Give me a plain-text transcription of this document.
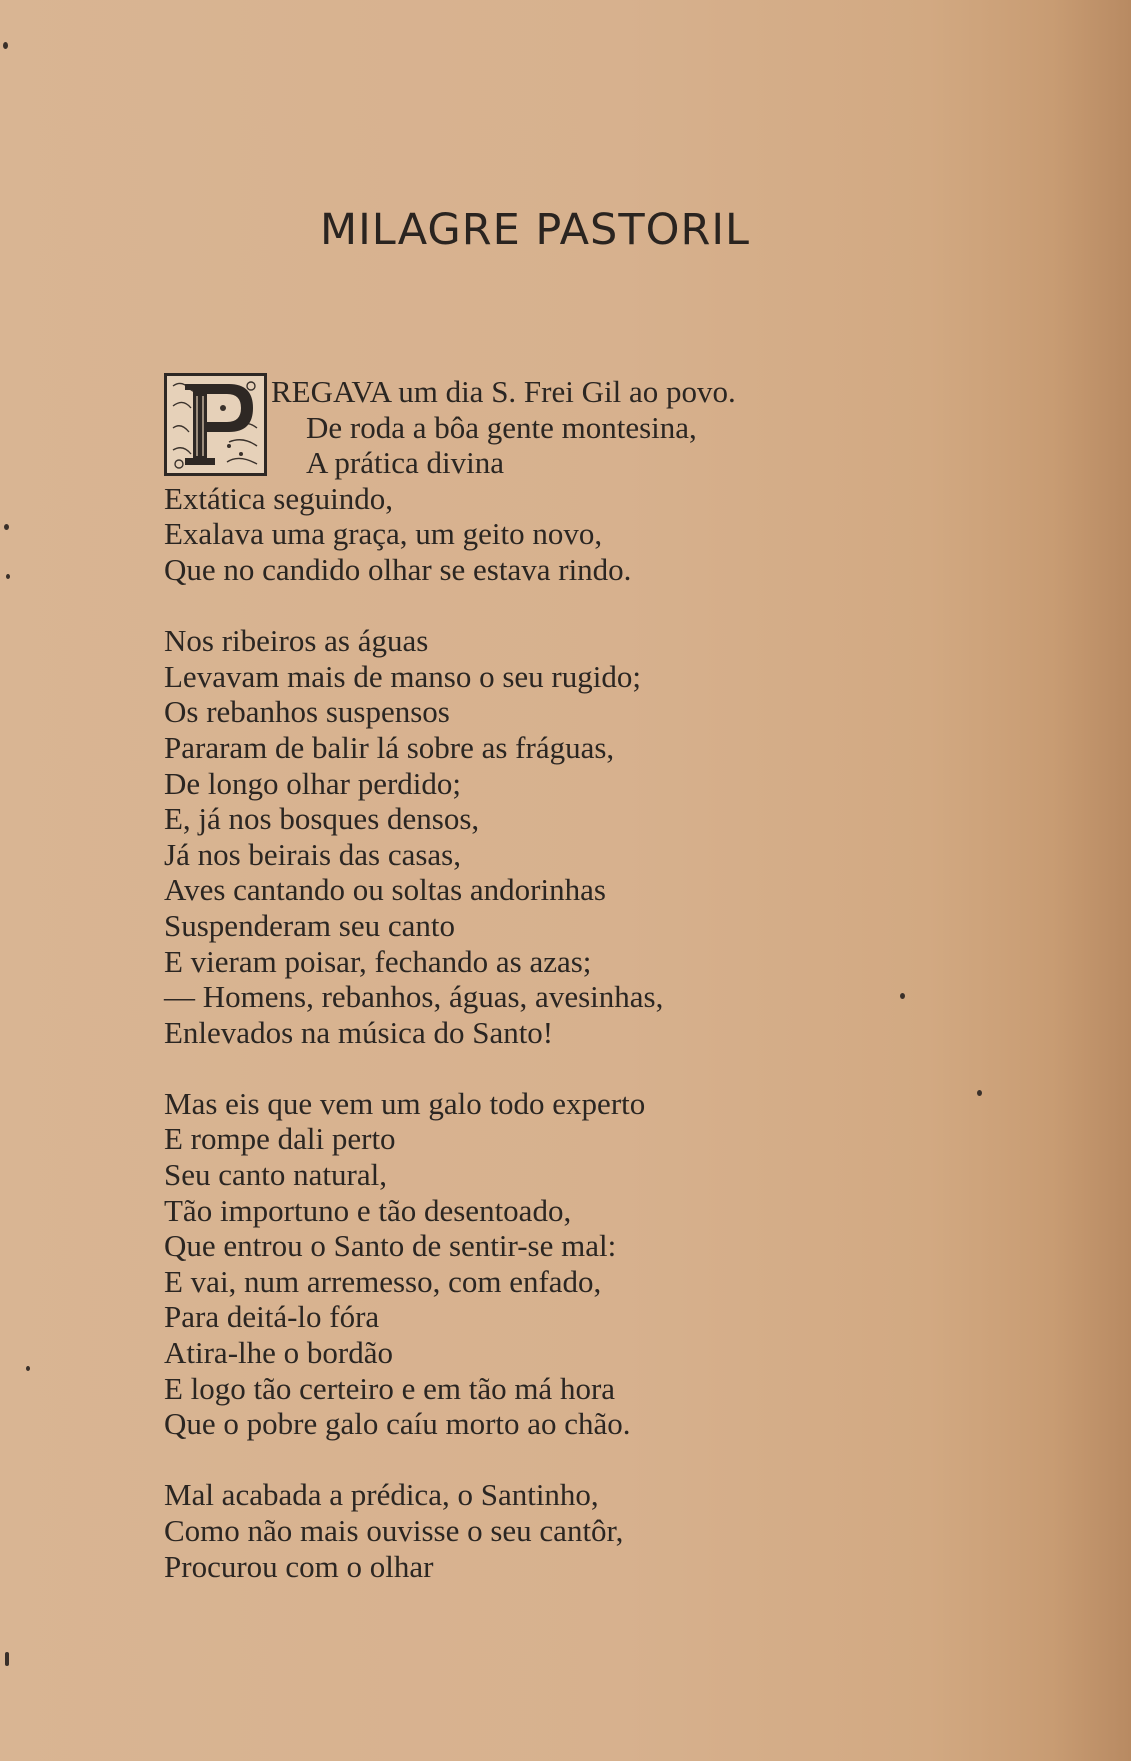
MILAGRE PASTORIL
REGAVA um dia S. Frei Gil ao povo.
De roda a bôa gente montesina,
A prática divina
Extática seguindo,
Exalava uma graça, um geito novo,
Que no candido olhar se estava rindo.
Nos ribeiros as águas
Levavam mais de manso o seu rugido;
Os rebanhos suspensos
Pararam de balir lá sobre as fráguas,
De longo olhar perdido;
E, já nos bosques densos,
Já nos beirais das casas,
Aves cantando ou soltas andorinhas
Suspenderam seu canto
E vieram poisar, fechando as azas;
— Homens, rebanhos, águas, avesinhas,
Enlevados na música do Santo!
Mas eis que vem um galo todo experto
E rompe dali perto
Seu canto natural,
Tão importuno e tão desentoado,
Que entrou o Santo de sentir-se mal:
E vai, num arremesso, com enfado,
Para deitá-lo fóra
Atira-lhe o bordão
E logo tão certeiro e em tão má hora
Que o pobre galo caíu morto ao chão.
Mal acabada a prédica, o Santinho,
Como não mais ouvisse o seu cantôr,
Procurou com o olhar
